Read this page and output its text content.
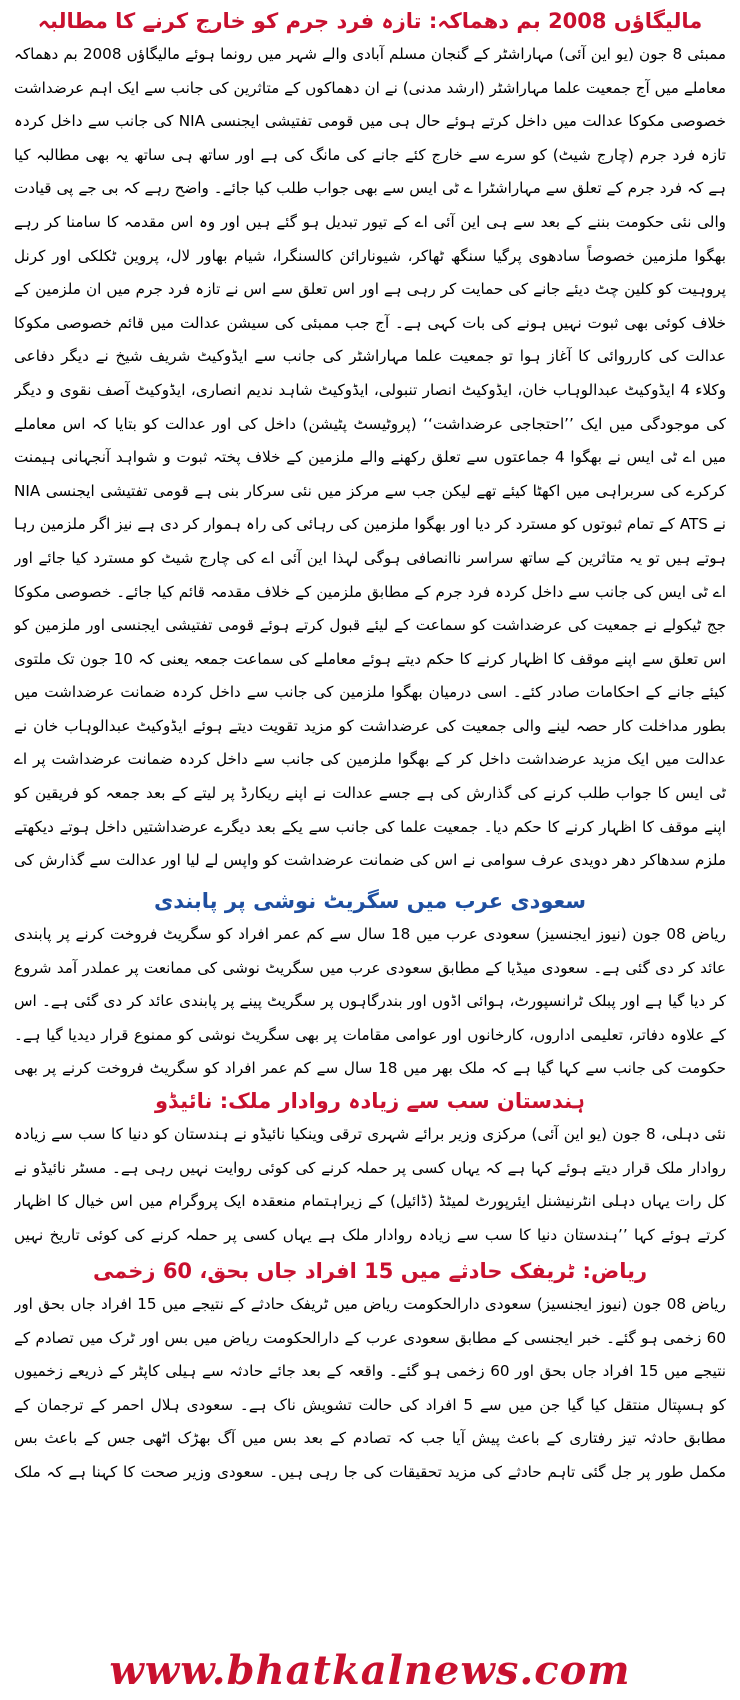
مالیگاؤں 2008 بم دھماکہ: تازہ فرد جرم کو خارج کرنے کا مطالبہ

ممبئی 8 جون (یو این آئی) مہاراشٹر کے گنجان مسلم آبادی والے شہر میں رونما ہوئے مالیگاؤں 2008 بم دھماکہ معاملے میں آج جمعیت علما مہاراشٹر (ارشد مدنی) نے ان دھماکوں کے متاثرین کی جانب سے ایک اہم عرضداشت خصوصی مکوکا عدالت میں داخل کرتے ہوئے حال ہی میں قومی تفتیشی ایجنسی NIA کی جانب سے داخل کردہ تازہ فرد جرم (چارج شیٹ) کو سرے سے خارج کئے جانے کی مانگ کی ہے اور ساتھ ہی ساتھ یہ بھی مطالبہ کیا ہے کہ فرد جرم کے تعلق سے مہاراشٹرا ے ٹی ایس سے بھی جواب طلب کیا جائے۔ واضح رہے کہ بی جے پی قیادت والی نئی حکومت بننے کے بعد سے ہی این آئی اے کے تیور تبدیل ہو گئے ہیں اور وہ اس مقدمہ کا سامنا کر رہے بھگوا ملزمین خصوصاً سادھوی پرگیا سنگھ ٹھاکر، شیونارائن کالسنگرا، شیام بھاور لال، پروین ٹکلکی اور کرنل پروہیت کو کلین چٹ دیئے جانے کی حمایت کر رہی ہے اور اس تعلق سے اس نے تازہ فرد جرم میں ان ملزمین کے خلاف کوئی بھی ثبوت نہیں ہونے کی بات کہی ہے۔ آج جب ممبئی کی سیشن عدالت میں قائم خصوصی مکوکا عدالت کی کارروائی کا آغاز ہوا تو جمعیت علما مہاراشٹر کی جانب سے ایڈوکیٹ شریف شیخ نے دیگر دفاعی وکلاء 4 ایڈوکیٹ عبدالوہاب خان، ایڈوکیٹ انصار تنبولی، ایڈوکیٹ شاہد ندیم انصاری، ایڈوکیٹ آصف نقوی و دیگر کی موجودگی میں ایک ’’احتجاجی عرضداشت‘‘ (پروٹیسٹ پٹیشن) داخل کی اور عدالت کو بتایا کہ اس معاملے میں اے ٹی ایس نے بھگوا 4 جماعتوں سے تعلق رکھنے والے ملزمین کے خلاف پختہ ثبوت و شواہد آنجہانی ہیمنت کرکرے کی سربراہی میں اکھٹا کیئے تھے لیکن جب سے مرکز میں نئی سرکار بنی ہے قومی تفتیشی ایجنسی NIA نے ATS کے تمام ثبوتوں کو مسترد کر دیا اور بھگوا ملزمین کی رہائی کی راہ ہموار کر دی ہے نیز اگر ملزمین رہا ہوتے ہیں تو یہ متاثرین کے ساتھ سراسر ناانصافی ہوگی لہذا این آئی اے کی چارج شیٹ کو مسترد کیا جائے اور اے ٹی ایس کی جانب سے داخل کردہ فرد جرم کے مطابق ملزمین کے خلاف مقدمہ قائم کیا جائے۔ خصوصی مکوکا جج ٹیکولے نے جمعیت کی عرضداشت کو سماعت کے لیئے قبول کرتے ہوئے قومی تفتیشی ایجنسی اور ملزمین کو اس تعلق سے اپنے موقف کا اظہار کرنے کا حکم دیتے ہوئے معاملے کی سماعت جمعہ یعنی کہ 10 جون تک ملتوی کیئے جانے کے احکامات صادر کئے۔ اسی درمیان بھگوا ملزمین کی جانب سے داخل کردہ ضمانت عرضداشت میں بطور مداخلت کار حصہ لینے والی جمعیت کی عرضداشت کو مزید تقویت دیتے ہوئے ایڈوکیٹ عبدالوہاب خان نے عدالت میں ایک مزید عرضداشت داخل کر کے بھگوا ملزمین کی جانب سے داخل کردہ ضمانت عرضداشت پر اے ٹی ایس کا جواب طلب کرنے کی گذارش کی ہے جسے عدالت نے اپنے ریکارڈ پر لیتے کے بعد جمعہ کو فریقین کو اپنے موقف کا اظہار کرنے کا حکم دیا۔ جمعیت علما کی جانب سے یکے بعد دیگرے عرضداشتیں داخل ہوتے دیکھتے ملزم سدھاکر دھر دویدی عرف سوامی نے اس کی ضمانت عرضداشت کو واپس لے لیا اور عدالت سے گذارش کی

سعودی عرب میں سگریٹ نوشی پر پابندی

ریاض 08 جون (نیوز ایجنسیز) سعودی عرب میں 18 سال سے کم عمر افراد کو سگریٹ فروخت کرنے پر پابندی عائد کر دی گئی ہے۔ سعودی میڈیا کے مطابق سعودی عرب میں سگریٹ نوشی کی ممانعت پر عملدر آمد شروع کر دیا گیا ہے اور پبلک ٹرانسپورٹ، ہوائی اڈوں اور بندرگاہوں پر سگریٹ پینے پر پابندی عائد کر دی گئی ہے۔ اس کے علاوہ دفاتر، تعلیمی اداروں، کارخانوں اور عوامی مقامات پر بھی سگریٹ نوشی کو ممنوع قرار دیدیا گیا ہے۔ حکومت کی جانب سے کہا گیا ہے کہ ملک بھر میں 18 سال سے کم عمر افراد کو سگریٹ فروخت کرنے پر بھی

ہندستان سب سے زیادہ روادار ملک: نائیڈو

نئی دہلی، 8 جون (یو این آئی) مرکزی وزیر برائے شہری ترقی وینکیا نائیڈو نے ہندستان کو دنیا کا سب سے زیادہ روادار ملک قرار دیتے ہوئے کہا ہے کہ یہاں کسی پر حملہ کرنے کی کوئی روایت نہیں رہی ہے۔ مسٹر نائیڈو نے کل رات یہاں دہلی انٹرنیشنل ایئرپورٹ لمیٹڈ (ڈائیل) کے زیراہتمام منعقدہ ایک پروگرام میں اس خیال کا اظہار کرتے ہوئے کہا ’’ہندستان دنیا کا سب سے زیادہ روادار ملک ہے یہاں کسی پر حملہ کرنے کی کوئی تاریخ نہیں

ریاض: ٹریفک حادثے میں 15 افراد جاں بحق، 60 زخمی

ریاض 08 جون (نیوز ایجنسیز) سعودی دارالحکومت ریاض میں ٹریفک حادثے کے نتیجے میں 15 افراد جاں بحق اور 60 زخمی ہو گئے۔ خبر ایجنسی کے مطابق سعودی عرب کے دارالحکومت ریاض میں بس اور ٹرک میں تصادم کے نتیجے میں 15 افراد جاں بحق اور 60 زخمی ہو گئے۔ واقعہ کے بعد جائے حادثہ سے ہیلی کاپٹر کے ذریعے زخمیوں کو ہسپتال منتقل کیا گیا جن میں سے 5 افراد کی حالت تشویش ناک ہے۔ سعودی ہلال احمر کے ترجمان کے مطابق حادثہ تیز رفتاری کے باعث پیش آیا جب کہ تصادم کے بعد بس میں آگ بھڑک اٹھی جس کے باعث بس مکمل طور پر جل گئی تاہم حادثے کی مزید تحقیقات کی جا رہی ہیں۔ سعودی وزیر صحت کا کہنا ہے کہ ملک

www.bhatkalnews.com
